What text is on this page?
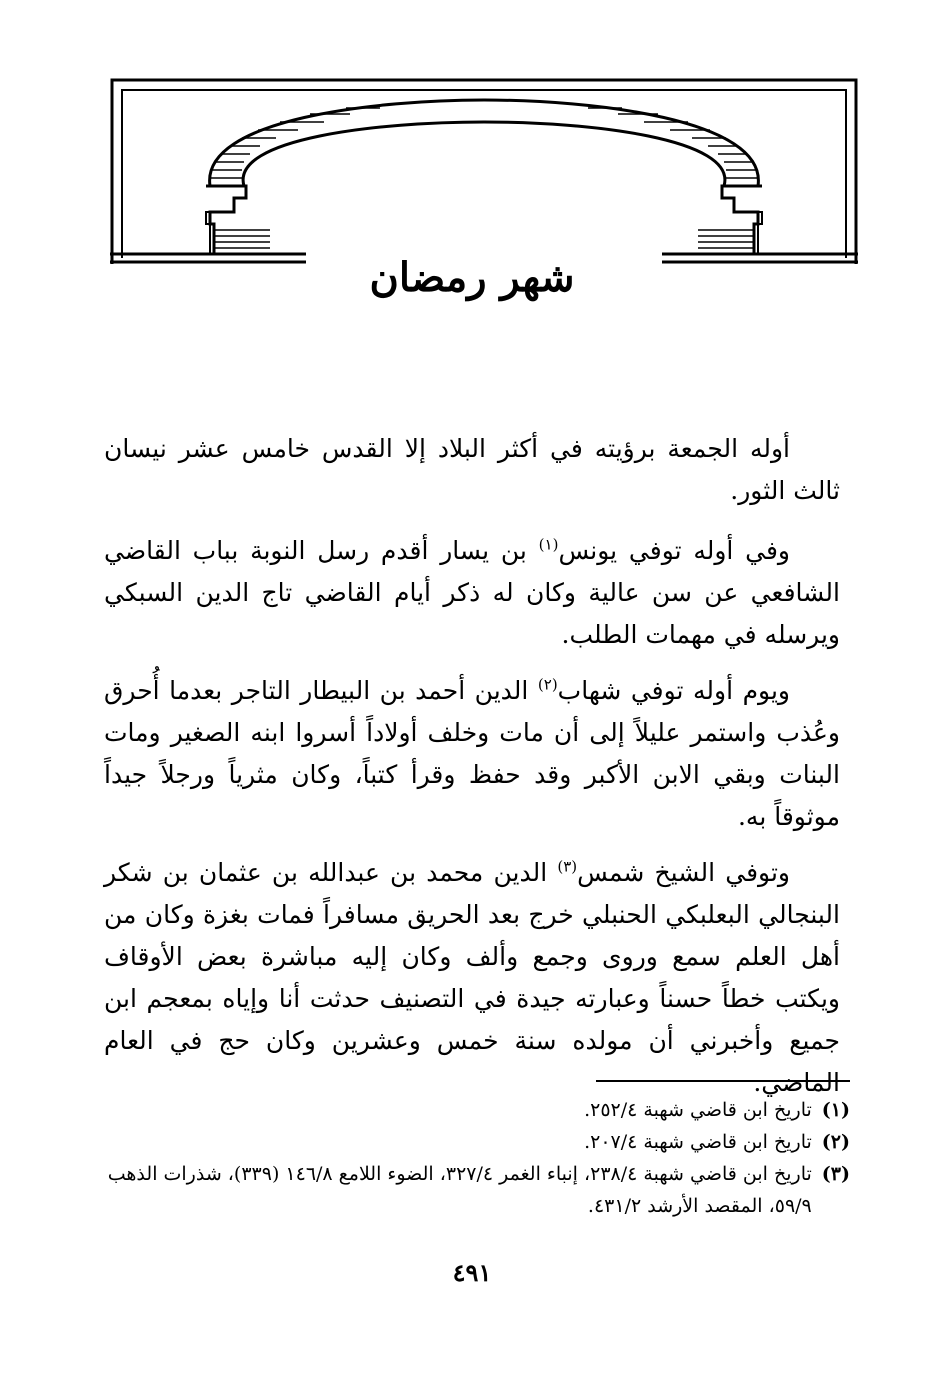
شهر رمضان

أوله الجمعة برؤيته في أكثر البلاد إلا القدس خامس عشر نيسان ثالث الثور.

وفي أوله توفي يونس$^{(١)}$ بن يسار أقدم رسل النوبة بباب القاضي الشافعي عن سن عالية وكان له ذكر أيام القاضي تاج الدين السبكي ويرسله في مهمات الطلب.

ويوم أوله توفي شهاب$^{(٢)}$ الدين أحمد بن البيطار التاجر بعدما أُحرق وعُذب واستمر عليلاً إلى أن مات وخلف أولاداً أسروا ابنه الصغير ومات البنات وبقي الابن الأكبر وقد حفظ وقرأ كتباً، وكان مثرياً ورجلاً جيداً موثوقاً به.

وتوفي الشيخ شمس$^{(٣)}$ الدين محمد بن عبدالله بن عثمان بن شكر البنجالي البعلبكي الحنبلي خرج بعد الحريق مسافراً فمات بغزة وكان من أهل العلم سمع وروى وجمع وألف وكان إليه مباشرة بعض الأوقاف ويكتب خطاً حسناً وعبارته جيدة في التصنيف حدثت أنا وإياه بمعجم ابن جميع وأخبرني أن مولده سنة خمس وعشرين وكان حج في العام الماضي.

(١)
تاريخ ابن قاضي شهبة ٢٥٢/٤.
(٢)
تاريخ ابن قاضي شهبة ٢٠٧/٤.
(٣)
تاريخ ابن قاضي شهبة ٢٣٨/٤، إنباء الغمر ٣٢٧/٤، الضوء اللامع ١٤٦/٨ (٣٣٩)، شذرات الذهب ٥٩/٩، المقصد الأرشد ٤٣١/٢.
٤٩١
